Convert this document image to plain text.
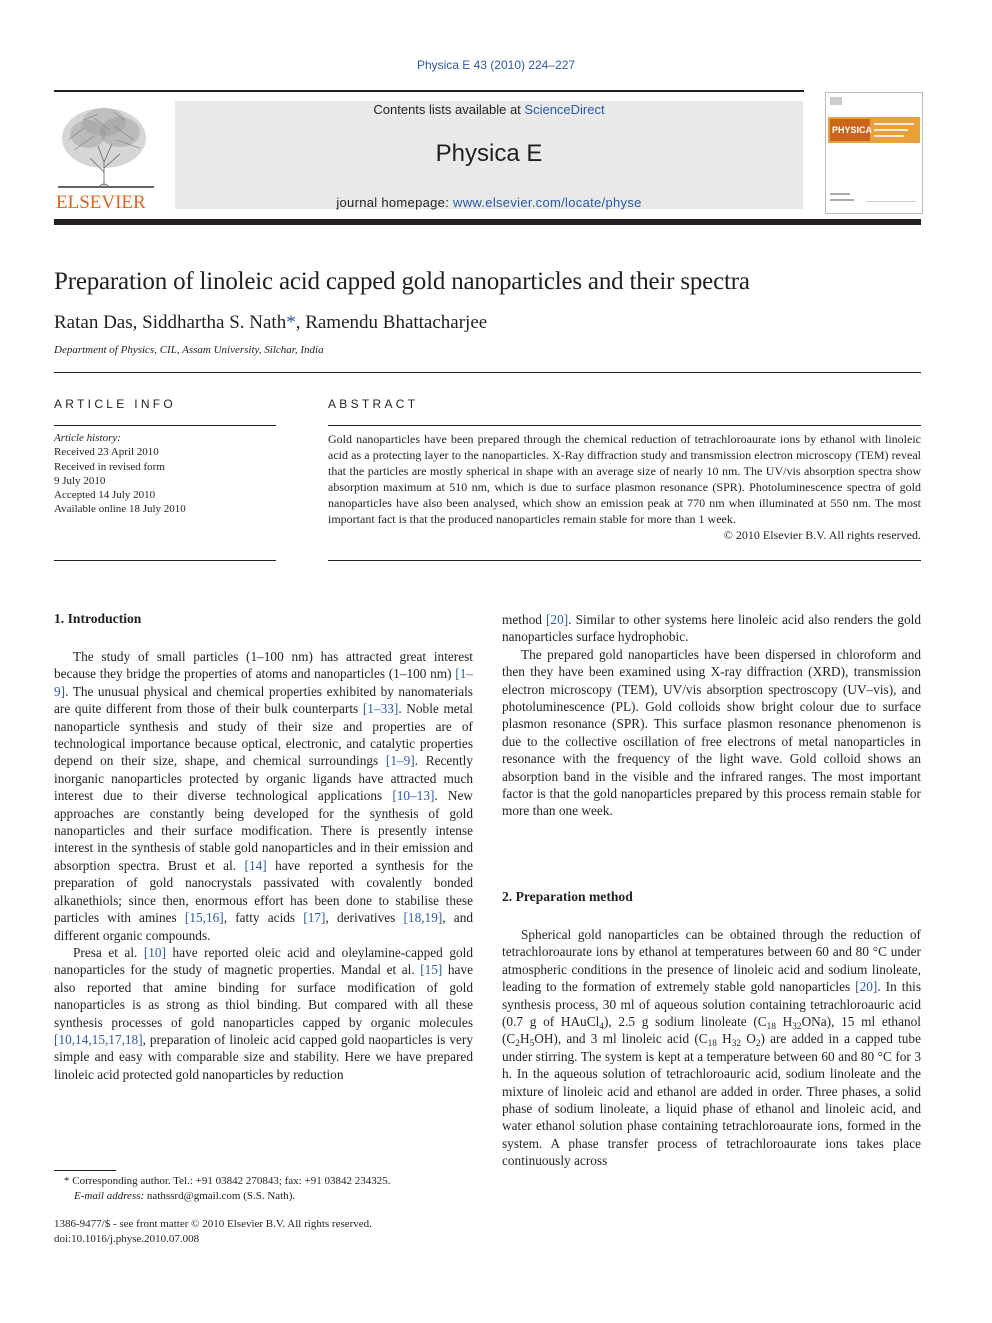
Physica E 43 (2010) 224–227
ELSEVIER
Contents lists available at ScienceDirect
Physica E
journal homepage: www.elsevier.com/locate/physe
PHYSICA
Preparation of linoleic acid capped gold nanoparticles and their spectra
Ratan Das, Siddhartha S. Nath*, Ramendu Bhattacharjee
Department of Physics, CIL, Assam University, Silchar, India
ARTICLE INFO	ABSTRACT
Article history:
Received 23 April 2010
Received in revised form
9 July 2010
Accepted 14 July 2010
Available online 18 July 2010
Gold nanoparticles have been prepared through the chemical reduction of tetrachloroaurate ions by ethanol with linoleic acid as a protecting layer to the nanoparticles. X-Ray diffraction study and transmission electron microscopy (TEM) reveal that the particles are mostly spherical in shape with an average size of nearly 10 nm. The UV/vis absorption spectra show absorption maximum at 510 nm, which is due to surface plasmon resonance (SPR). Photoluminescence spectra of gold nanoparticles have also been analysed, which show an emission peak at 770 nm when illuminated at 550 nm. The most important fact is that the produced nanoparticles remain stable for more than 1 week.
© 2010 Elsevier B.V. All rights reserved.
1. Introduction

The study of small particles (1–100 nm) has attracted great interest because they bridge the properties of atoms and nanoparticles (1–100 nm) [1–9]. The unusual physical and chemical properties exhibited by nanomaterials are quite different from those of their bulk counterparts [1–33]. Noble metal nanoparticle synthesis and study of their size and properties are of technological importance because optical, electronic, and catalytic properties depend on their size, shape, and chemical surroundings [1–9]. Recently inorganic nanoparticles protected by organic ligands have attracted much interest due to their diverse technological applications [10–13]. New approaches are constantly being developed for the synthesis of gold nanoparticles and their surface modification. There is presently intense interest in the synthesis of stable gold nanoparticles and in their emission and absorption spectra. Brust et al. [14] have reported a synthesis for the preparation of gold nanocrystals passivated with covalently bonded alkanethiols; since then, enormous effort has been done to stabilise these particles with amines [15,16], fatty acids [17], derivatives [18,19], and different organic compounds.

Presa et al. [10] have reported oleic acid and oleylamine-capped gold nanoparticles for the study of magnetic properties. Mandal et al. [15] have also reported that amine binding for surface modification of gold nanoparticles is as strong as thiol binding. But compared with all these synthesis processes of gold nanoparticles capped by organic molecules [10,14,15,17,18], preparation of linoleic acid capped gold naoparticles is very simple and easy with comparable size and stability. Here we have prepared linoleic acid protected gold nanoparticles by reduction

method [20]. Similar to other systems here linoleic acid also renders the gold nanoparticles surface hydrophobic.

The prepared gold nanoparticles have been dispersed in chloroform and then they have been examined using X-ray diffraction (XRD), transmission electron microscopy (TEM), UV/vis absorption spectroscopy (UV–vis), and photoluminescence (PL). Gold colloids show bright colour due to surface plasmon resonance (SPR). This surface plasmon resonance phenomenon is due to the collective oscillation of free electrons of metal nanoparticles in resonance with the frequency of the light wave. Gold colloid shows an absorption band in the visible and the infrared ranges. The most important factor is that the gold nanoparticles prepared by this process remain stable for more than one week.

2. Preparation method

Spherical gold nanoparticles can be obtained through the reduction of tetrachloroaurate ions by ethanol at temperatures between 60 and 80 °C under atmospheric conditions in the presence of linoleic acid and sodium linoleate, leading to the formation of extremely stable gold nanoparticles [20]. In this synthesis process, 30 ml of aqueous solution containing tetrachloroauric acid (0.7 g of HAuCl$_4$), 2.5 g sodium linoleate ($C_{18}$ $H_{32}ONa$), 15 ml ethanol $(C_2H_5OH)$, and 3 ml linoleic acid ($C_{18}$ $H_{32}$ $O_2$) are added in a capped tube under stirring. The system is kept at a temperature between 60 and 80 °C for 3 h. In the aqueous solution of tetrachloroauric acid, sodium linoleate and the mixture of linoleic acid and ethanol are added in order. Three phases, a solid phase of sodium linoleate, a liquid phase of ethanol and linoleic acid, and water ethanol solution phase containing tetrachloroaurate ions, formed in the system. A phase transfer process of tetrachloroaurate ions takes place continuously across

* Corresponding author. Tel.: +91 03842 270843; fax: +91 03842 234325.
E-mail address: nathssrd@gmail.com (S.S. Nath).
1386-9477/$ - see front matter © 2010 Elsevier B.V. All rights reserved.
doi:10.1016/j.physe.2010.07.008
